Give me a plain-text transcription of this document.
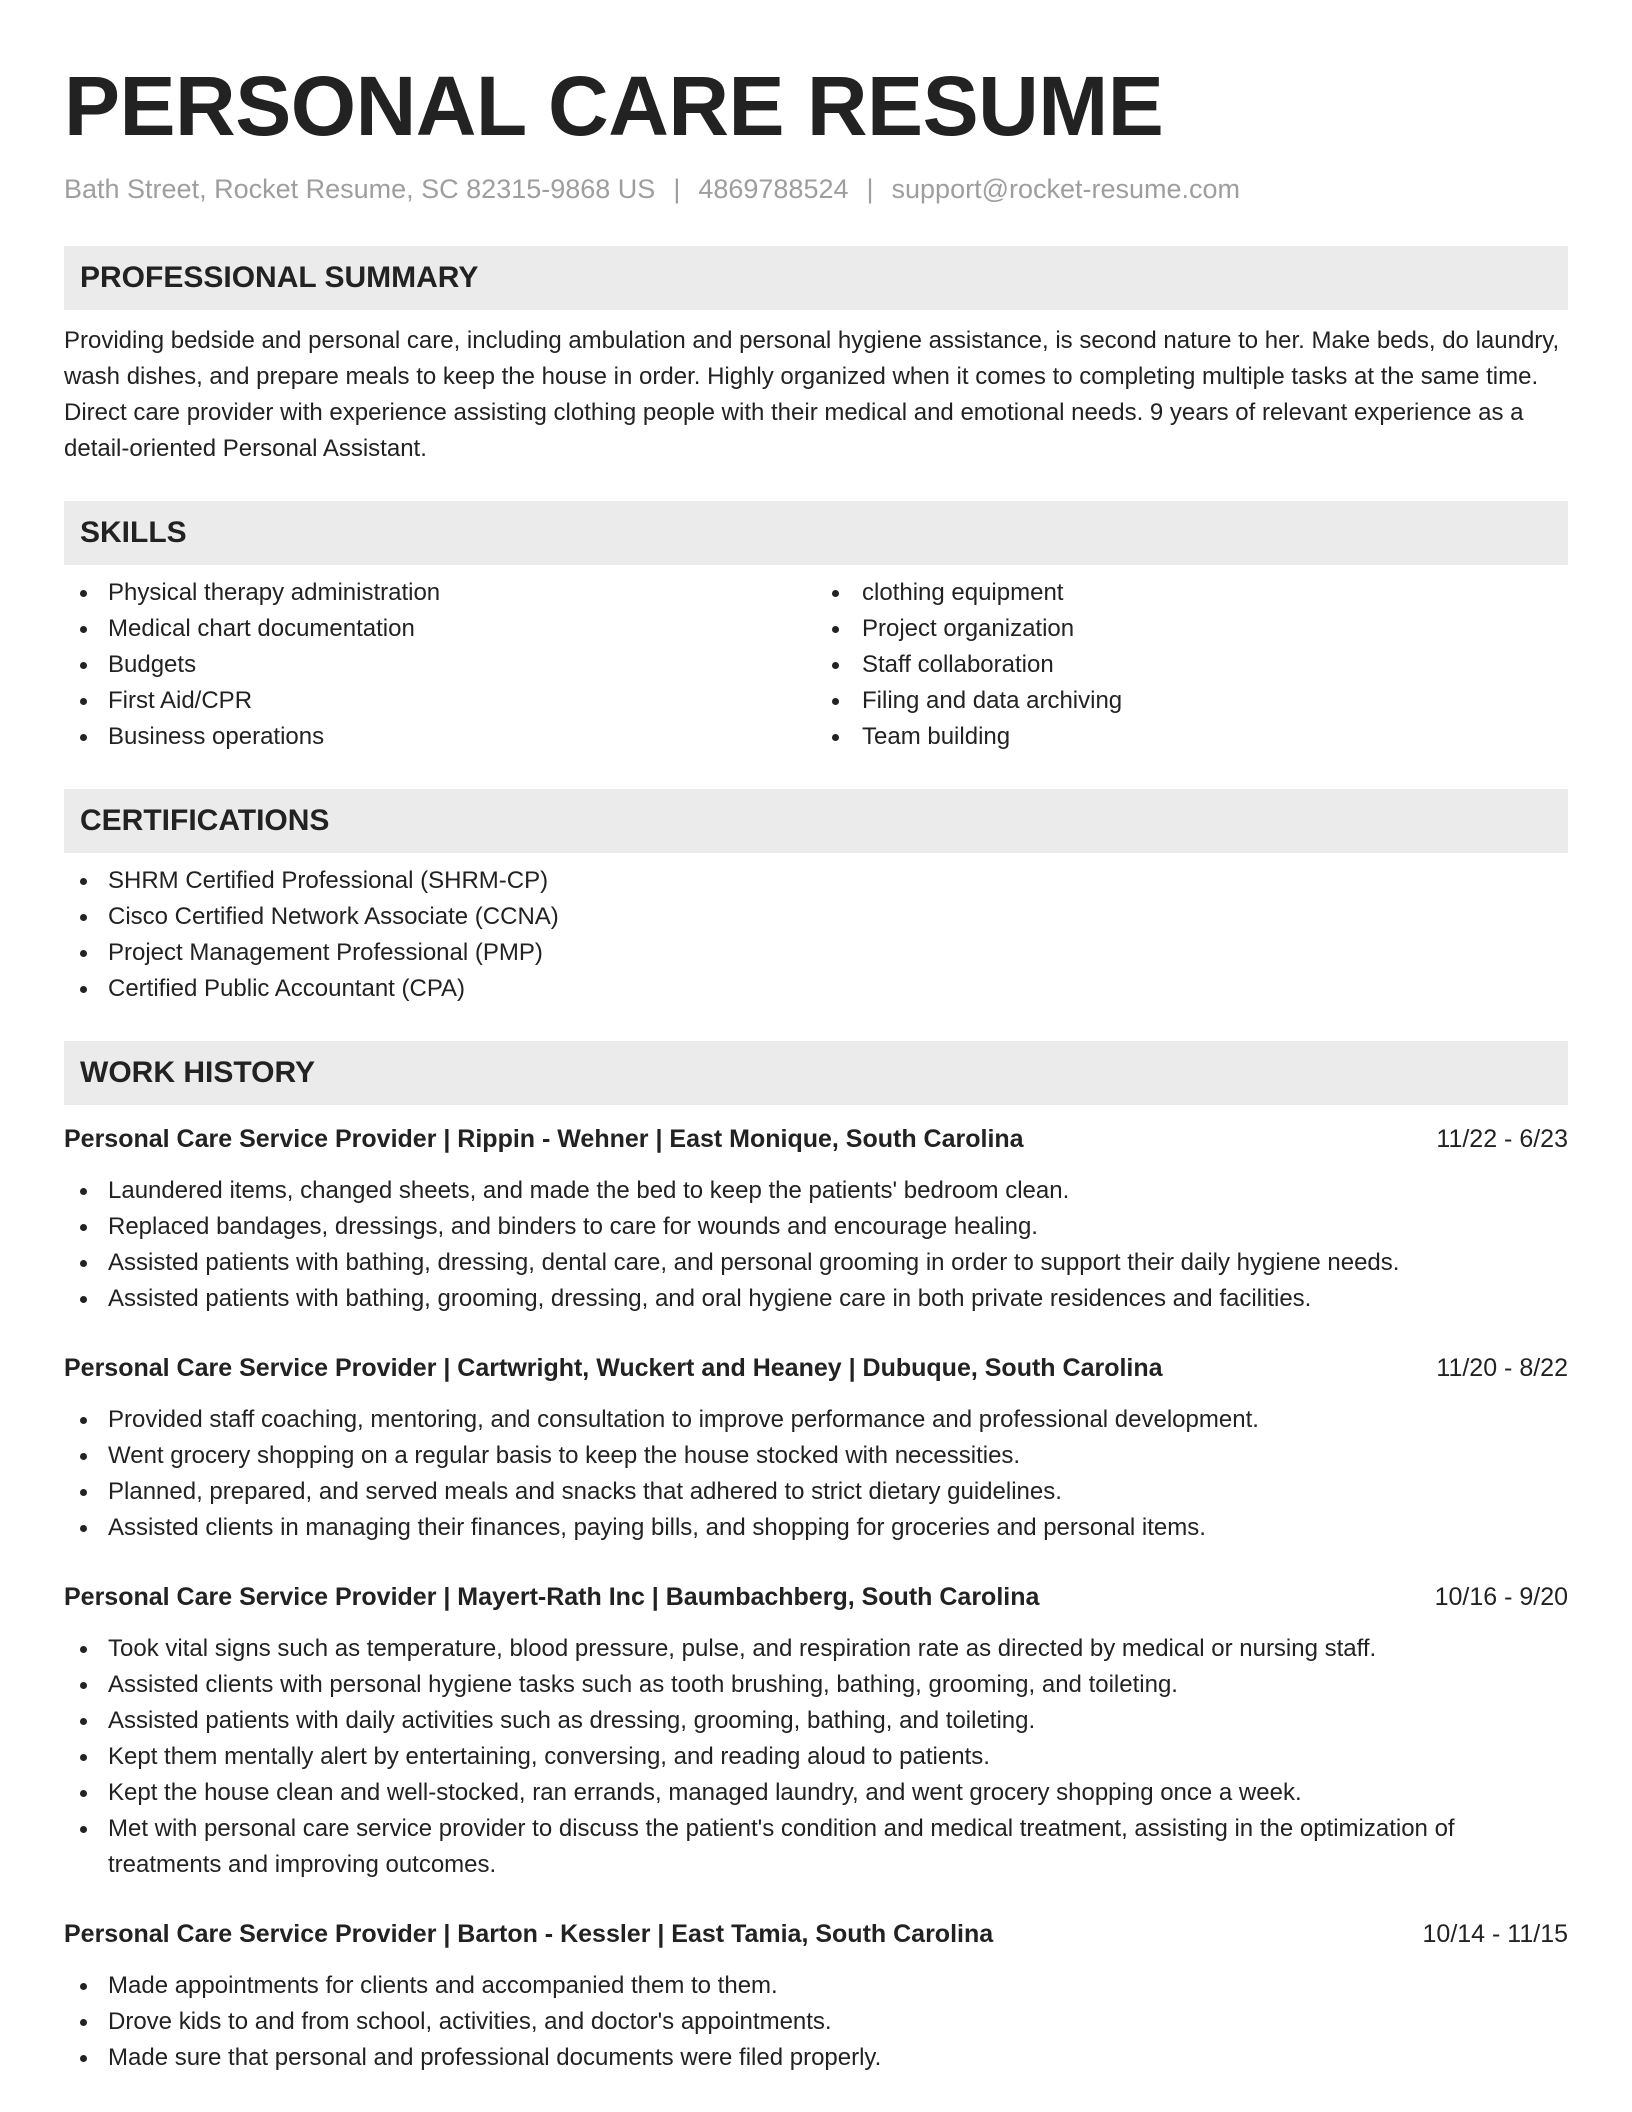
PERSONAL CARE RESUME
Bath Street, Rocket Resume, SC 82315-9868 US | 4869788524 | support@rocket-resume.com
PROFESSIONAL SUMMARY

Providing bedside and personal care, including ambulation and personal hygiene assistance, is second nature to her. Make beds, do laundry, wash dishes, and prepare meals to keep the house in order. Highly organized when it comes to completing multiple tasks at the same time. Direct care provider with experience assisting clothing people with their medical and emotional needs. 9 years of relevant experience as a detail-oriented Personal Assistant.

SKILLS
Physical therapy administration
Medical chart documentation
Budgets
First Aid/CPR
Business operations
clothing equipment
Project organization
Staff collaboration
Filing and data archiving
Team building
CERTIFICATIONS
SHRM Certified Professional (SHRM-CP)
Cisco Certified Network Associate (CCNA)
Project Management Professional (PMP)
Certified Public Accountant (CPA)
WORK HISTORY
Personal Care Service Provider | Rippin - Wehner | East Monique, South Carolina	11/22 - 6/23
Laundered items, changed sheets, and made the bed to keep the patients' bedroom clean.
Replaced bandages, dressings, and binders to care for wounds and encourage healing.
Assisted patients with bathing, dressing, dental care, and personal grooming in order to support their daily hygiene needs.
Assisted patients with bathing, grooming, dressing, and oral hygiene care in both private residences and facilities.
Personal Care Service Provider | Cartwright, Wuckert and Heaney | Dubuque, South Carolina	11/20 - 8/22
Provided staff coaching, mentoring, and consultation to improve performance and professional development.
Went grocery shopping on a regular basis to keep the house stocked with necessities.
Planned, prepared, and served meals and snacks that adhered to strict dietary guidelines.
Assisted clients in managing their finances, paying bills, and shopping for groceries and personal items.
Personal Care Service Provider | Mayert-Rath Inc | Baumbachberg, South Carolina	10/16 - 9/20
Took vital signs such as temperature, blood pressure, pulse, and respiration rate as directed by medical or nursing staff.
Assisted clients with personal hygiene tasks such as tooth brushing, bathing, grooming, and toileting.
Assisted patients with daily activities such as dressing, grooming, bathing, and toileting.
Kept them mentally alert by entertaining, conversing, and reading aloud to patients.
Kept the house clean and well-stocked, ran errands, managed laundry, and went grocery shopping once a week.
Met with personal care service provider to discuss the patient's condition and medical treatment, assisting in the optimization of treatments and improving outcomes.
Personal Care Service Provider | Barton - Kessler | East Tamia, South Carolina	10/14 - 11/15
Made appointments for clients and accompanied them to them.
Drove kids to and from school, activities, and doctor's appointments.
Made sure that personal and professional documents were filed properly.
